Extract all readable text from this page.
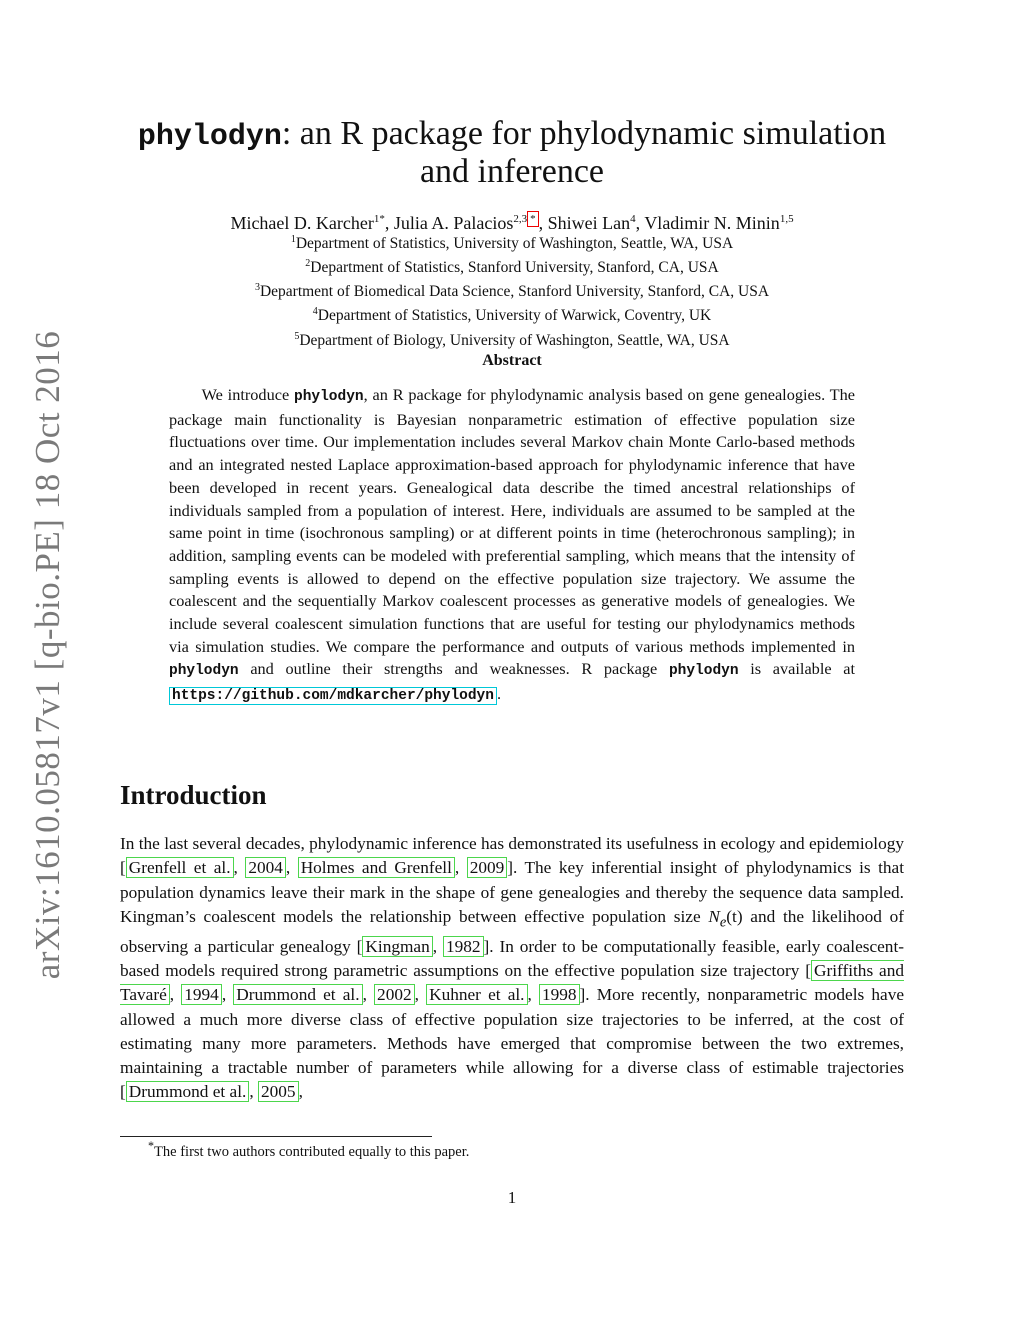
arXiv:1610.05817v1 [q-bio.PE] 18 Oct 2016
phylodyn: an R package for phylodynamic simulation
and inference
Michael D. Karcher$^{1*}$, Julia A. Palacios$^{2,3}$ * , Shiwei Lan$^4$, Vladimir N. Minin$^{1,5}$
$^1$Department of Statistics, University of Washington, Seattle, WA, USA
$^2$Department of Statistics, Stanford University, Stanford, CA, USA
$^3$Department of Biomedical Data Science, Stanford University, Stanford, CA, USA
$^4$Department of Statistics, University of Warwick, Coventry, UK
$^5$Department of Biology, University of Washington, Seattle, WA, USA
Abstract
  We introduce phylodyn, an R package for phylodynamic analysis based on gene genealogies. The package main functionality is Bayesian nonparametric estimation of effective population size fluctuations over time. Our implementation includes several Markov chain Monte Carlo-based methods and an integrated nested Laplace approximation-based approach for phylodynamic inference that have been developed in recent years. Genealogical data describe the timed ancestral relationships of individuals sampled from a population of interest. Here, individuals are assumed to be sampled at the same point in time (isochronous sampling) or at different points in time (heterochronous sampling); in addition, sampling events can be modeled with preferential sampling, which means that the intensity of sampling events is allowed to depend on the effective population size trajectory. We assume the coalescent and the sequentially Markov coalescent processes as generative models of genealogies. We include several coalescent simulation functions that are useful for testing our phylodynamics methods via simulation studies. We compare the performance and outputs of various methods implemented in phylodyn and outline their strengths and weaknesses. R package phylodyn is available at https://github.com/mdkarcher/phylodyn .
Introduction
In the last several decades, phylodynamic inference has demonstrated its usefulness in ecology and epidemiology [ Grenfell et al. , 2004 , Holmes and Grenfell , 2009 ]. The key inferential insight of phylodynamics is that population dynamics leave their mark in the shape of gene genealogies and thereby the sequence data sampled. Kingman’s coalescent models the relationship between effective population size $N_e(t)$ and the likelihood of observing a particular genealogy [ Kingman , 1982 ]. In order to be computationally feasible, early coalescent-based models required strong parametric assumptions on the effective population size trajectory [ Griffiths and Tavaré , 1994 , Drummond et al. , 2002 , Kuhner et al. , 1998 ]. More recently, nonparametric models have allowed a much more diverse class of effective population size trajectories to be inferred, at the cost of estimating many more parameters. Methods have emerged that compromise between the two extremes, maintaining a tractable number of parameters while allowing for a diverse class of estimable trajectories [ Drummond et al. , 2005 ,
*The first two authors contributed equally to this paper.
1
